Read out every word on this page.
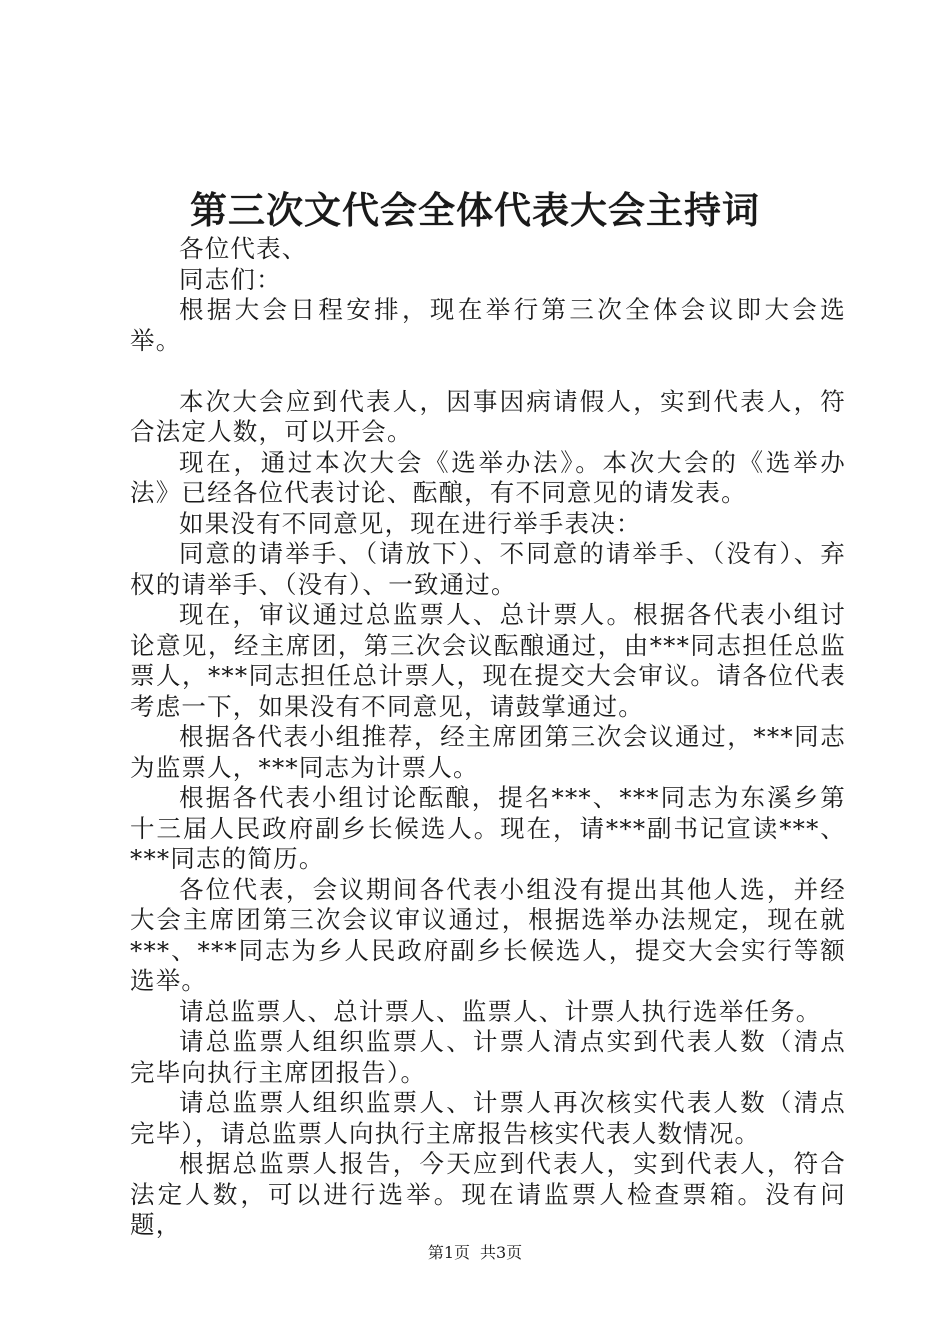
第三次文代会全体代表大会主持词

各位代表、

同志们：

根据大会日程安排，现在举行第三次全体会议即大会选举。

本次大会应到代表人，因事因病请假人，实到代表人，符合法定人数，可以开会。

现在，通过本次大会《选举办法》。本次大会的《选举办法》已经各位代表讨论、酝酿，有不同意见的请发表。

如果没有不同意见，现在进行举手表决：

同意的请举手、（请放下）、不同意的请举手、（没有）、弃权的请举手、（没有）、一致通过。

现在，审议通过总监票人、总计票人。根据各代表小组讨论意见，经主席团，第三次会议酝酿通过，由***同志担任总监票人，***同志担任总计票人，现在提交大会审议。请各位代表考虑一下，如果没有不同意见，请鼓掌通过。

根据各代表小组推荐，经主席团第三次会议通过，***同志为监票人，***同志为计票人。

根据各代表小组讨论酝酿，提名***、***同志为东溪乡第十三届人民政府副乡长候选人。现在，请***副书记宣读***、***同志的简历。

各位代表，会议期间各代表小组没有提出其他人选，并经大会主席团第三次会议审议通过，根据选举办法规定，现在就***、***同志为乡人民政府副乡长候选人，提交大会实行等额选举。

请总监票人、总计票人、监票人、计票人执行选举任务。

请总监票人组织监票人、计票人清点实到代表人数（清点完毕向执行主席团报告）。

请总监票人组织监票人、计票人再次核实代表人数（清点完毕），请总监票人向执行主席报告核实代表人数情况。

根据总监票人报告，今天应到代表人，实到代表人，符合法定人数，可以进行选举。现在请监票人检查票箱。没有问题，

第1页 共3页
